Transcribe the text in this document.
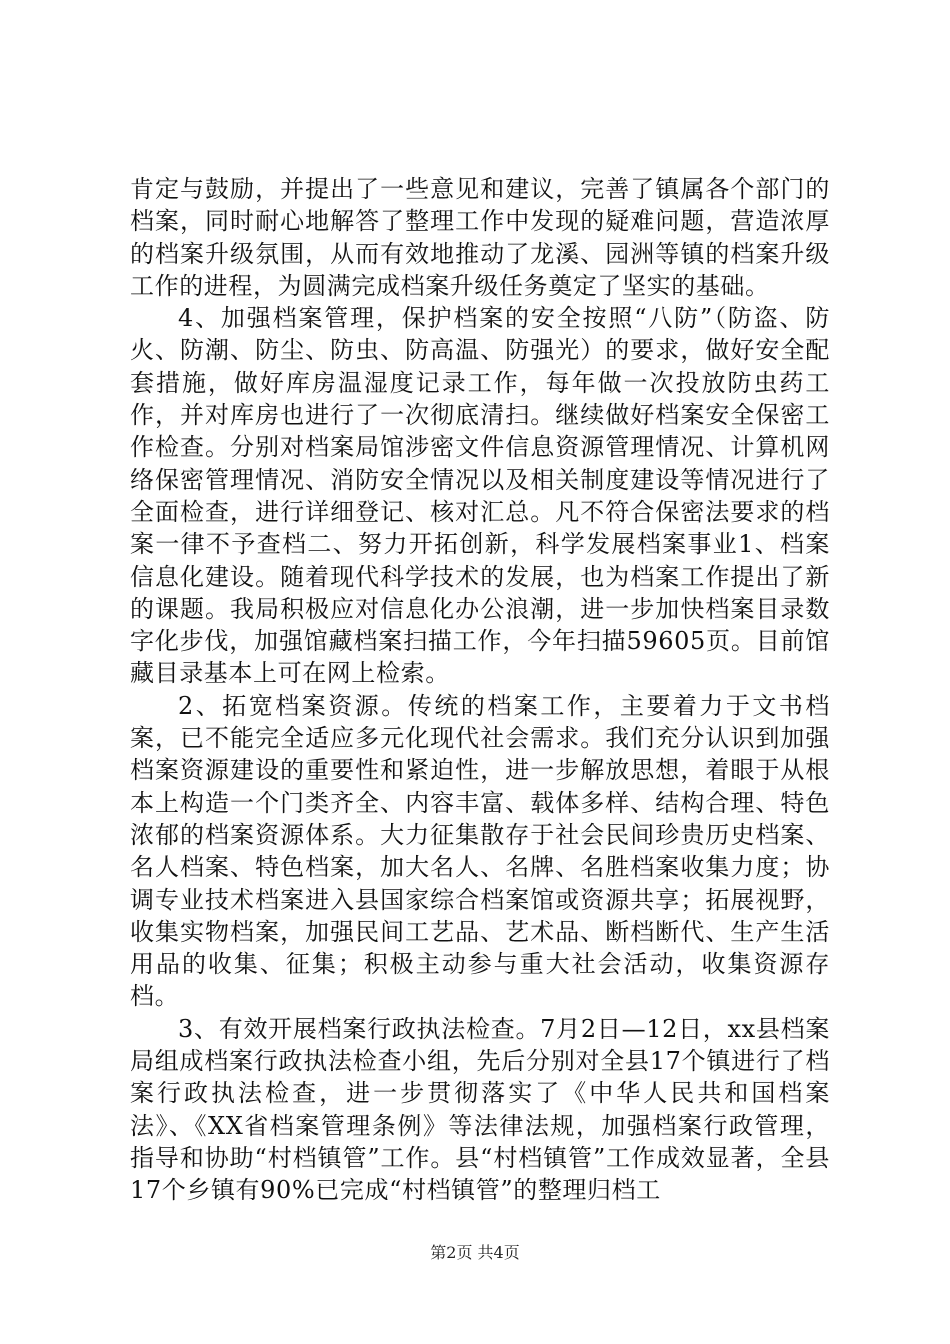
肯定与鼓励，并提出了一些意见和建议，完善了镇属各个部门的档案，同时耐心地解答了整理工作中发现的疑难问题，营造浓厚的档案升级氛围，从而有效地推动了龙溪、园洲等镇的档案升级工作的进程，为圆满完成档案升级任务奠定了坚实的基础。

4、加强档案管理，保护档案的安全按照“八防”（防盗、防火、防潮、防尘、防虫、防高温、防强光）的要求，做好安全配套措施，做好库房温湿度记录工作，每年做一次投放防虫药工作，并对库房也进行了一次彻底清扫。继续做好档案安全保密工作检查。分别对档案局馆涉密文件信息资源管理情况、计算机网络保密管理情况、消防安全情况以及相关制度建设等情况进行了全面检查，进行详细登记、核对汇总。凡不符合保密法要求的档案一律不予查档二、努力开拓创新，科学发展档案事业1、档案信息化建设。随着现代科学技术的发展，也为档案工作提出了新的课题。我局积极应对信息化办公浪潮，进一步加快档案目录数字化步伐，加强馆藏档案扫描工作，今年扫描59605页。目前馆藏目录基本上可在网上检索。

2、拓宽档案资源。传统的档案工作，主要着力于文书档案，已不能完全适应多元化现代社会需求。我们充分认识到加强档案资源建设的重要性和紧迫性，进一步解放思想，着眼于从根本上构造一个门类齐全、内容丰富、载体多样、结构合理、特色浓郁的档案资源体系。大力征集散存于社会民间珍贵历史档案、名人档案、特色档案，加大名人、名牌、名胜档案收集力度；协调专业技术档案进入县国家综合档案馆或资源共享；拓展视野，收集实物档案，加强民间工艺品、艺术品、断档断代、生产生活用品的收集、征集；积极主动参与重大社会活动，收集资源存档。

3、有效开展档案行政执法检查。7月2日—12日，xx县档案局组成档案行政执法检查小组，先后分别对全县17个镇进行了档案行政执法检查，进一步贯彻落实了《中华人民共和国档案法》、《XX省档案管理条例》等法律法规，加强档案行政管理，指导和协助“村档镇管”工作。县“村档镇管”工作成效显著，全县17个乡镇有90%已完成“村档镇管”的整理归档工

第2页 共4页
